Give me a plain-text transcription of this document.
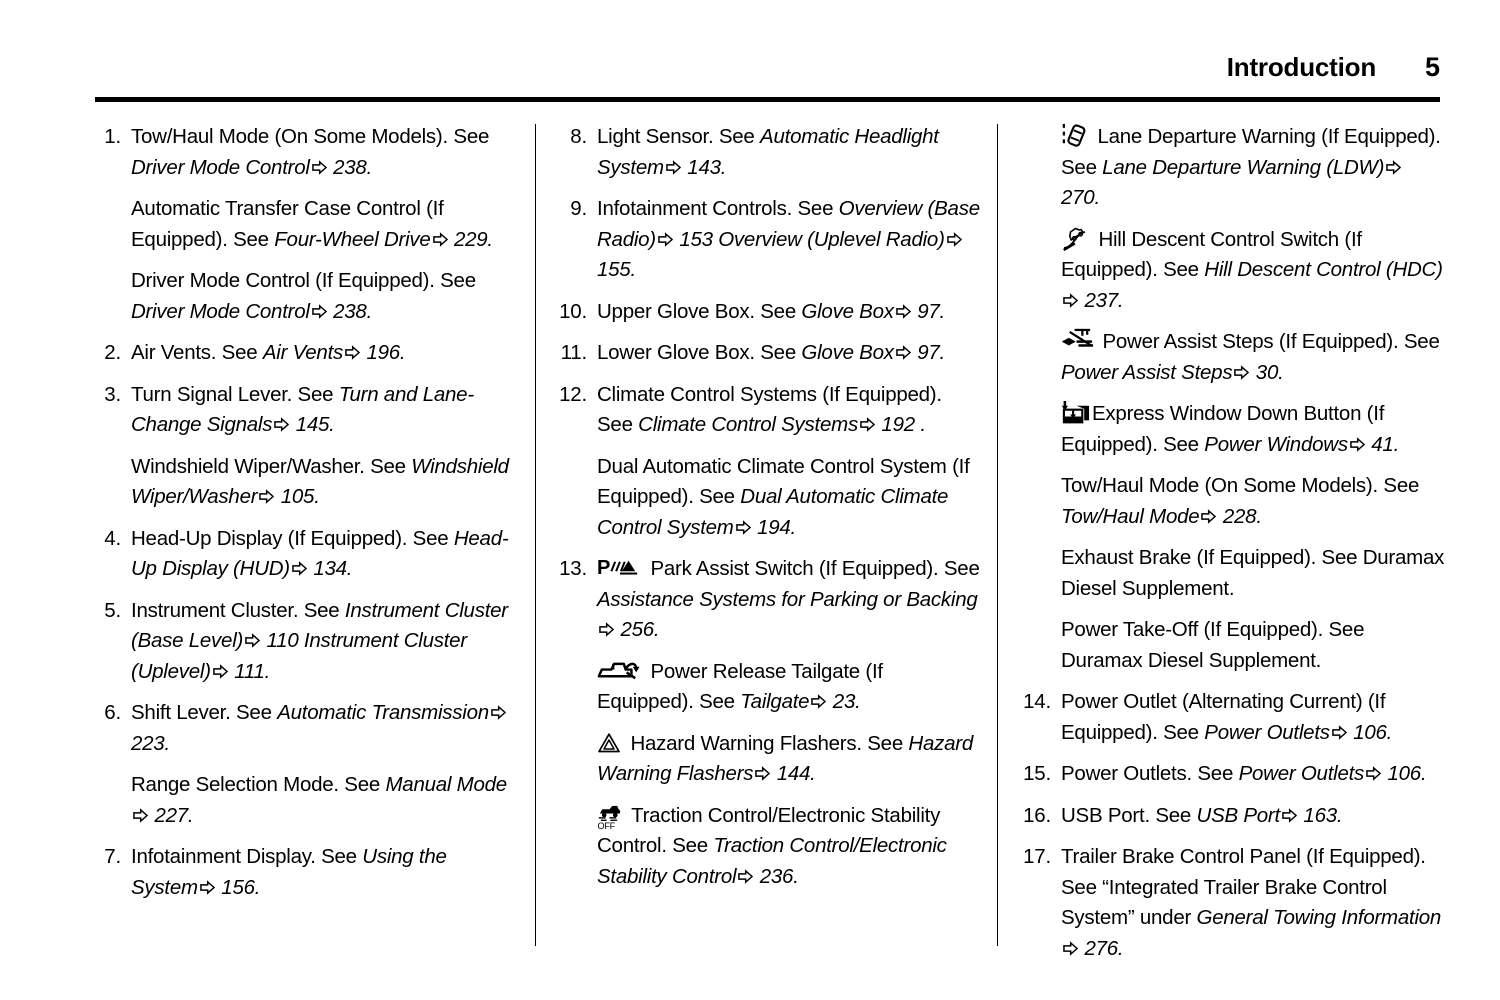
Introduction	5
1. Tow/Haul Mode (On Some Models). See Driver Mode Control
238.

Automatic Transfer Case Control (If Equipped). See Four-Wheel Drive
229.

Driver Mode Control (If Equipped). See Driver Mode Control
238.

2. Air Vents. See Air Vents
196.

3. Turn Signal Lever. See Turn and Lane-Change Signals
145.

Windshield Wiper/Washer. See Windshield Wiper/Washer
105.

4. Head-Up Display (If Equipped). See Head-Up Display (HUD)
134.

5. Instrument Cluster. See Instrument Cluster (Base Level)
110 Instrument Cluster (Uplevel)
111.

6. Shift Lever. See Automatic Transmission
223.

Range Selection Mode. See Manual Mode
227.

7. Infotainment Display. See Using the System
156.

8. Light Sensor. See Automatic Headlight System
143.

9. Infotainment Controls. See Overview (Base Radio)
153 Overview (Uplevel Radio)
155.

10. Upper Glove Box. See Glove Box
97.

11. Lower Glove Box. See Glove Box
97.

12. Climate Control Systems (If Equipped). See Climate Control Systems
192 .

Dual Automatic Climate Control System (If Equipped). See Dual Automatic Climate Control System
194.

13. P Park Assist Switch (If Equipped). See Assistance Systems for Parking or Backing
256.

Power Release Tailgate (If Equipped). See Tailgate
23.

Hazard Warning Flashers. See Hazard Warning Flashers
144.

OFF Traction Control/Electronic Stability Control. See Traction Control/Electronic Stability Control
236.

Lane Departure Warning (If Equipped). See Lane Departure Warning (LDW)
270.

Hill Descent Control Switch (If Equipped). See Hill Descent Control (HDC)
237.

Power Assist Steps (If Equipped). See Power Assist Steps
30.

Express Window Down Button (If Equipped). See Power Windows
41.

Tow/Haul Mode (On Some Models). See Tow/Haul Mode
228.

Exhaust Brake (If Equipped). See Duramax Diesel Supplement.

Power Take-Off (If Equipped). See Duramax Diesel Supplement.

14. Power Outlet (Alternating Current) (If Equipped). See Power Outlets
106.

15. Power Outlets. See Power Outlets
106.

16. USB Port. See USB Port
163.

17. Trailer Brake Control Panel (If Equipped). See “Integrated Trailer Brake Control System” under General Towing Information
276.
